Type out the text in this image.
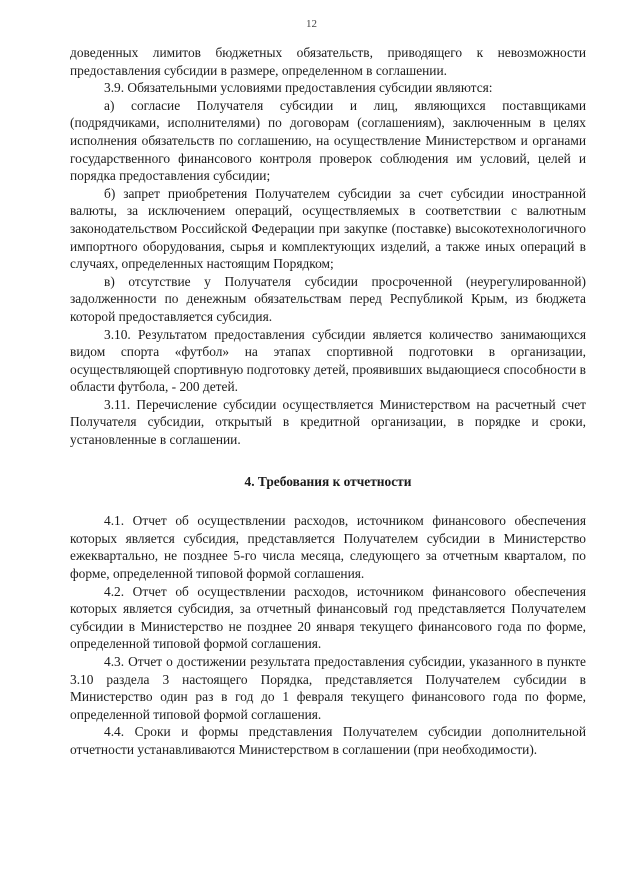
12

доведенных лимитов бюджетных обязательств, приводящего к невозможности предоставления субсидии в размере, определенном в соглашении.

3.9. Обязательными условиями предоставления субсидии являются:

а) согласие Получателя субсидии и лиц, являющихся поставщиками (подрядчиками, исполнителями) по договорам (соглашениям), заключенным в целях исполнения обязательств по соглашению, на осуществление Министерством и органами государственного финансового контроля проверок соблюдения им условий, целей и порядка предоставления субсидии;

б) запрет приобретения Получателем субсидии за счет субсидии иностранной валюты, за исключением операций, осуществляемых в соответствии с валютным законодательством Российской Федерации при закупке (поставке) высокотехнологичного импортного оборудования, сырья и комплектующих изделий, а также иных операций в случаях, определенных настоящим Порядком;

в) отсутствие у Получателя субсидии просроченной (неурегулированной) задолженности по денежным обязательствам перед Республикой Крым, из бюджета которой предоставляется субсидия.

3.10. Результатом предоставления субсидии является количество занимающихся видом спорта «футбол» на этапах спортивной подготовки в организации, осуществляющей спортивную подготовку детей, проявивших выдающиеся способности в области футбола, - 200 детей.

3.11. Перечисление субсидии осуществляется Министерством на расчетный счет Получателя субсидии, открытый в кредитной организации, в порядке и сроки, установленные в соглашении.

4. Требования к отчетности

4.1. Отчет об осуществлении расходов, источником финансового обеспечения которых является субсидия, представляется Получателем субсидии в Министерство ежеквартально, не позднее 5-го числа месяца, следующего за отчетным кварталом, по форме, определенной типовой формой соглашения.

4.2. Отчет об осуществлении расходов, источником финансового обеспечения которых является субсидия, за отчетный финансовый год представляется Получателем субсидии в Министерство не позднее 20 января текущего финансового года по форме, определенной типовой формой соглашения.

4.3. Отчет о достижении результата предоставления субсидии, указанного в пункте 3.10 раздела 3 настоящего Порядка, представляется Получателем субсидии в Министерство один раз в год до 1 февраля текущего финансового года по форме, определенной типовой формой соглашения.

4.4. Сроки и формы представления Получателем субсидии дополнительной отчетности устанавливаются Министерством в соглашении (при необходимости).
